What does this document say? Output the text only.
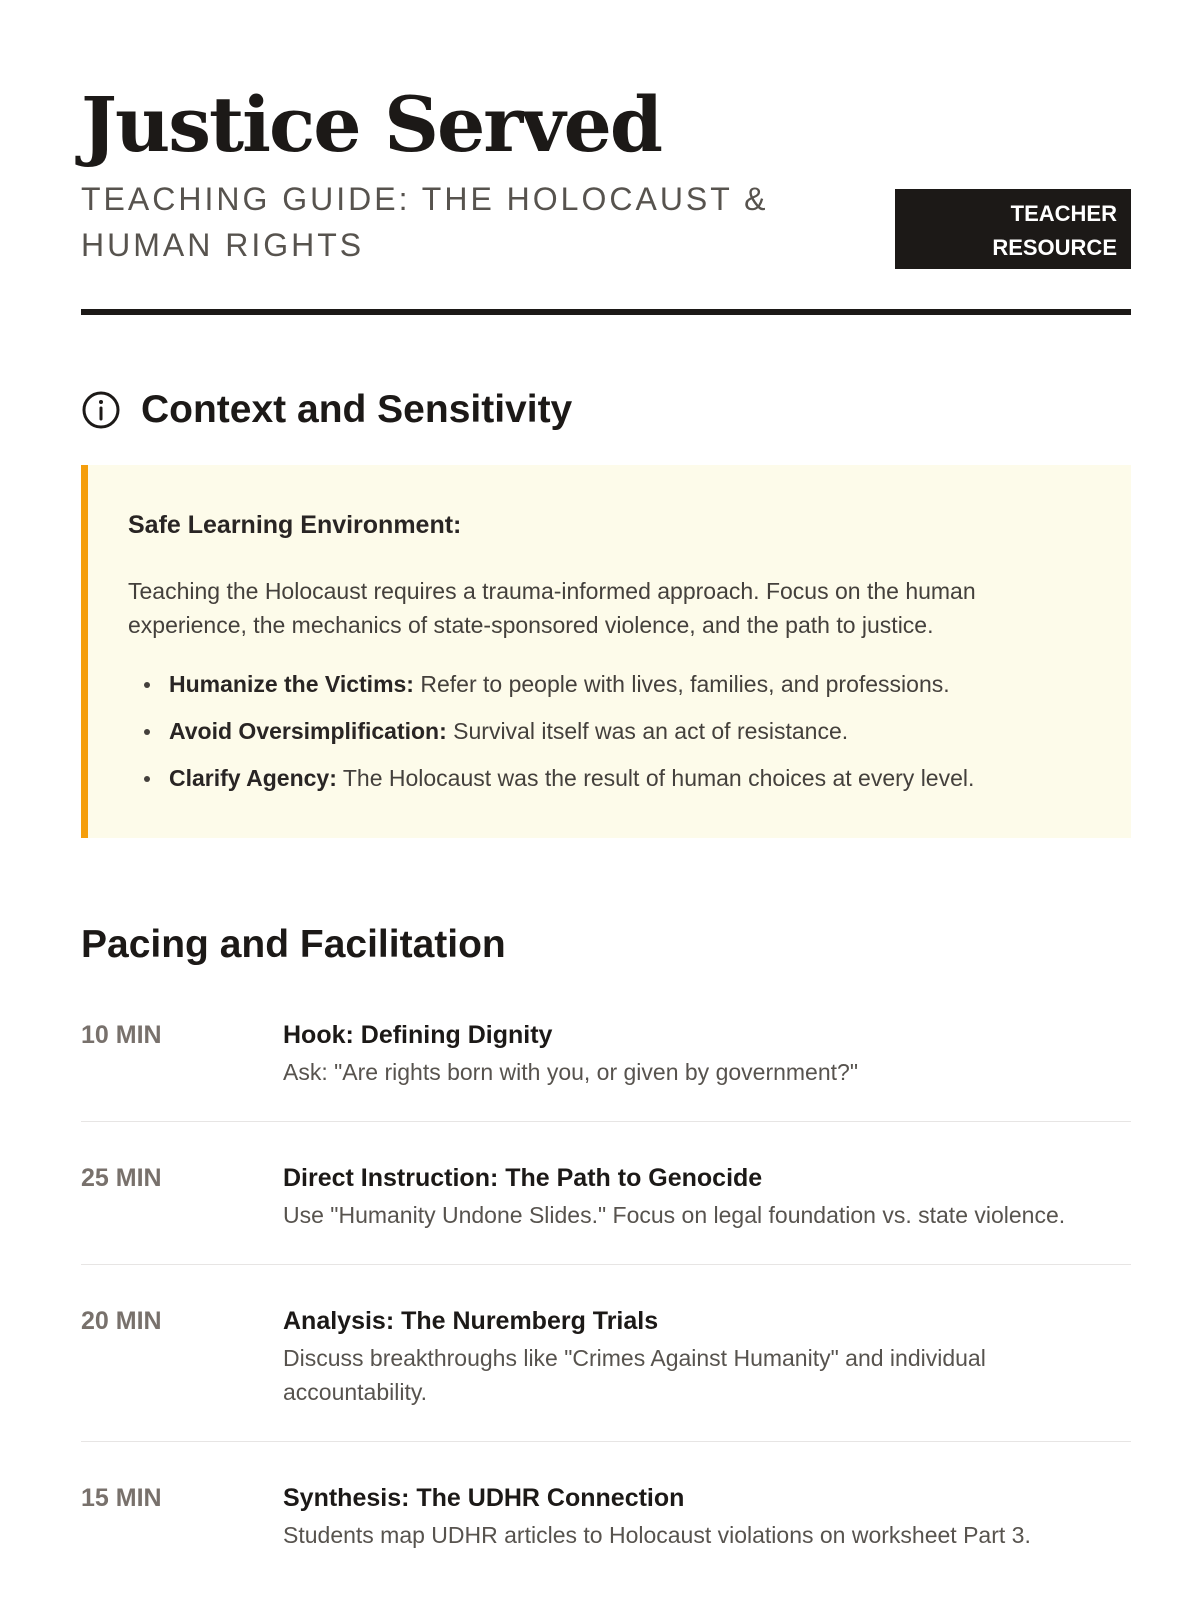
Justice Served

TEACHING GUIDE: THE HOLOCAUST & HUMAN RIGHTS

TEACHER
RESOURCE
Context and Sensitivity

Safe Learning Environment:

Teaching the Holocaust requires a trauma-informed approach. Focus on the human experience, the mechanics of state-sponsored violence, and the path to justice.

Humanize the Victims: Refer to people with lives, families, and professions.
Avoid Oversimplification: Survival itself was an act of resistance.
Clarify Agency: The Holocaust was the result of human choices at every level.
Pacing and Facilitation
10 MIN	Hook: Defining Dignity

Ask: "Are rights born with you, or given by government?"

25 MIN	Direct Instruction: The Path to Genocide

Use "Humanity Undone Slides." Focus on legal foundation vs. state violence.

20 MIN	Analysis: The Nuremberg Trials

Discuss breakthroughs like "Crimes Against Humanity" and individual accountability.

15 MIN	Synthesis: The UDHR Connection

Students map UDHR articles to Holocaust violations on worksheet Part 3.
